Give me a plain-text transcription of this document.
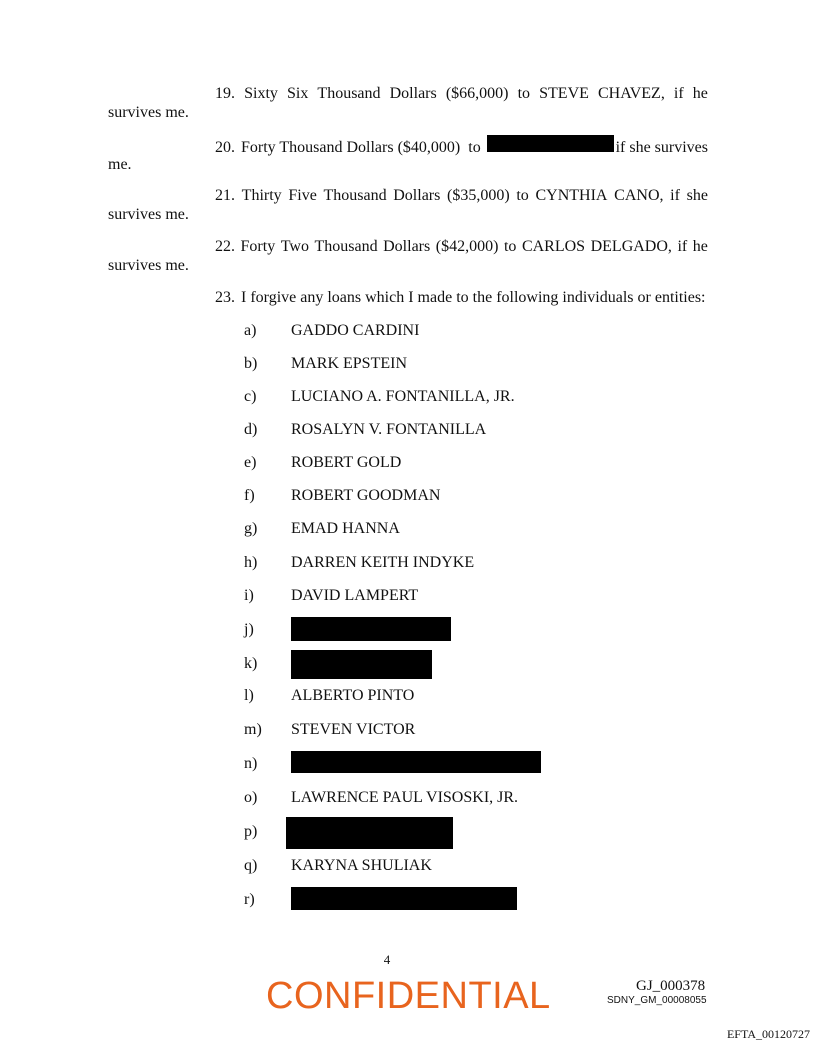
19. Sixty Six Thousand Dollars ($66,000) to STEVE CHAVEZ, if he
survives me.
20. Forty Thousand Dollars ($40,000)  to	if she survives
me.
21. Thirty Five Thousand Dollars ($35,000) to CYNTHIA CANO, if she
survives me.
22. Forty Two Thousand Dollars ($42,000) to CARLOS DELGADO, if he
survives me.
23. I forgive any loans which I made to the following individuals or entities:
a)	GADDO CARDINI
b)	MARK EPSTEIN
c)	LUCIANO A. FONTANILLA, JR.
d)	ROSALYN V. FONTANILLA
e)	ROBERT GOLD
f)	ROBERT GOODMAN
g)	EMAD HANNA
h)	DARREN KEITH INDYKE
i)	DAVID LAMPERT
j)
k)
l)	ALBERTO PINTO
m)	STEVEN VICTOR
n)
o)	LAWRENCE PAUL VISOSKI, JR.
p)
q)	KARYNA SHULIAK
r)
4
CONFIDENTIAL	GJ_000378
SDNY_GM_00008055
EFTA_00120727
